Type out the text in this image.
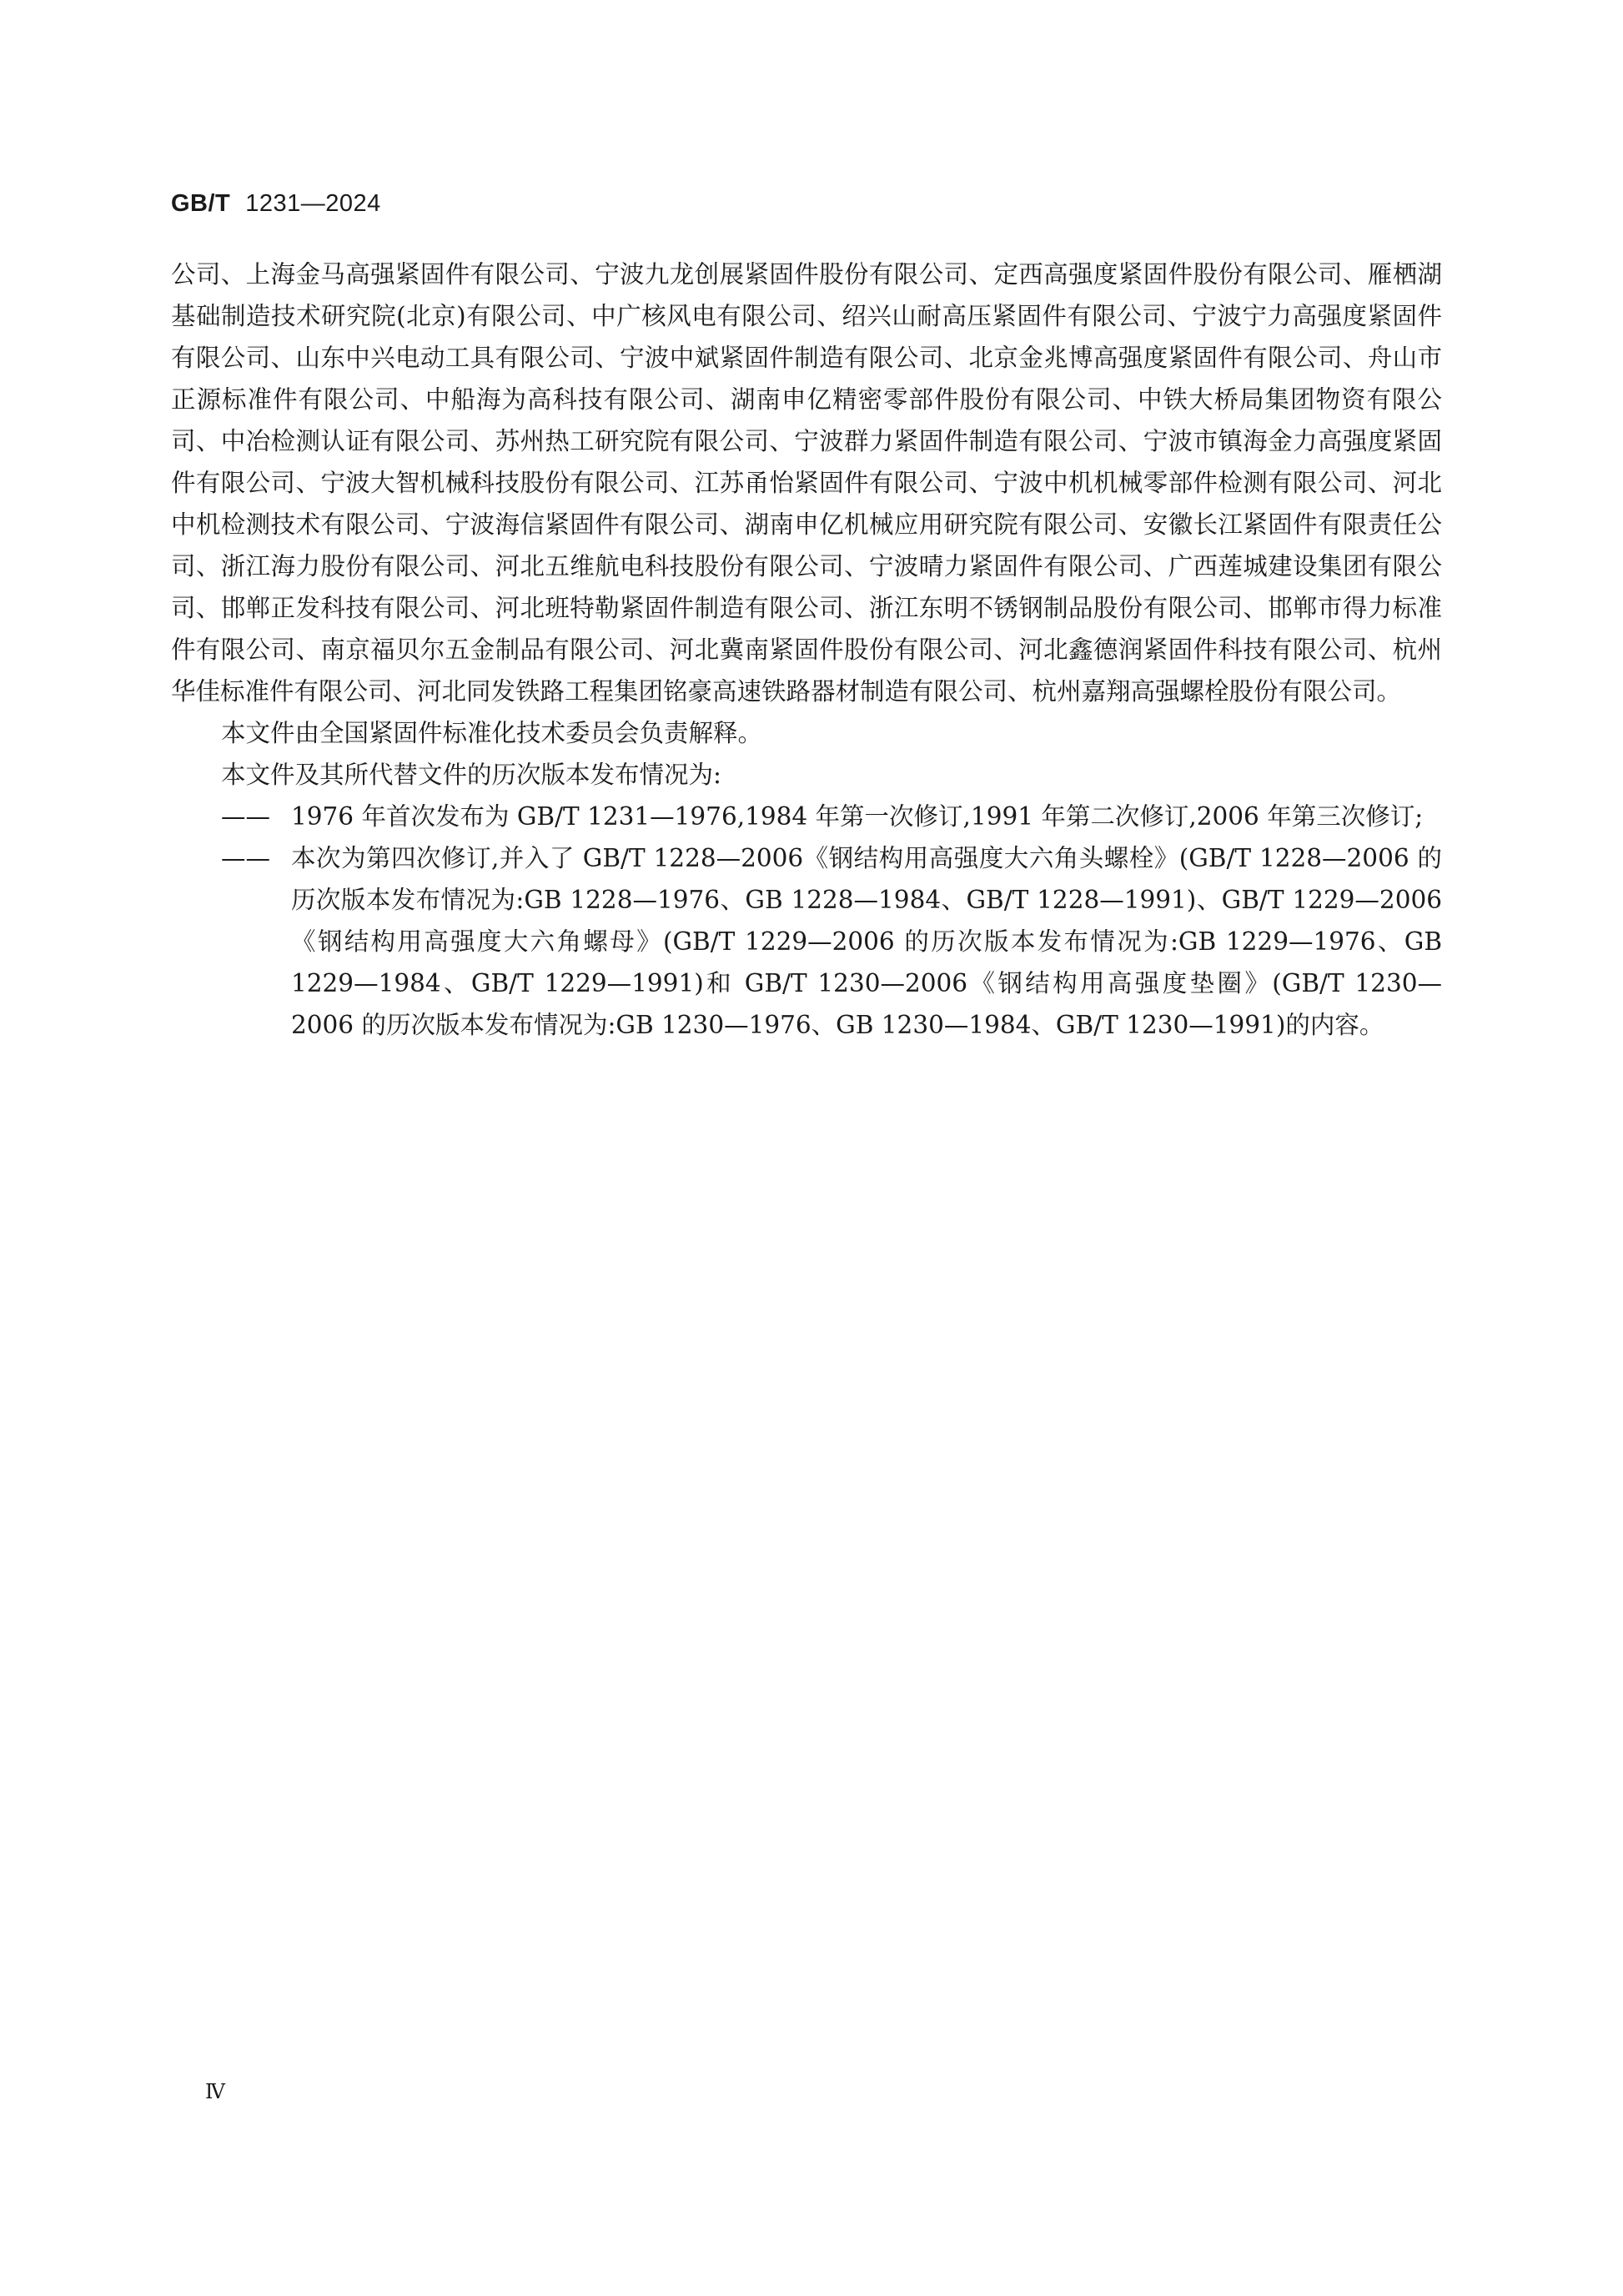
GB/T 1231—2024

公司、上海金马高强紧固件有限公司、宁波九龙创展紧固件股份有限公司、定西高强度紧固件股份有限公司、雁栖湖基础制造技术研究院(北京)有限公司、中广核风电有限公司、绍兴山耐高压紧固件有限公司、宁波宁力高强度紧固件有限公司、山东中兴电动工具有限公司、宁波中斌紧固件制造有限公司、北京金兆博高强度紧固件有限公司、舟山市正源标准件有限公司、中船海为高科技有限公司、湖南申亿精密零部件股份有限公司、中铁大桥局集团物资有限公司、中冶检测认证有限公司、苏州热工研究院有限公司、宁波群力紧固件制造有限公司、宁波市镇海金力高强度紧固件有限公司、宁波大智机械科技股份有限公司、江苏甬怡紧固件有限公司、宁波中机机械零部件检测有限公司、河北中机检测技术有限公司、宁波海信紧固件有限公司、湖南申亿机械应用研究院有限公司、安徽长江紧固件有限责任公司、浙江海力股份有限公司、河北五维航电科技股份有限公司、宁波晴力紧固件有限公司、广西莲城建设集团有限公司、邯郸正发科技有限公司、河北班特勒紧固件制造有限公司、浙江东明不锈钢制品股份有限公司、邯郸市得力标准件有限公司、南京福贝尔五金制品有限公司、河北冀南紧固件股份有限公司、河北鑫德润紧固件科技有限公司、杭州华佳标准件有限公司、河北同发铁路工程集团铭豪高速铁路器材制造有限公司、杭州嘉翔高强螺栓股份有限公司。

本文件由全国紧固件标准化技术委员会负责解释。

本文件及其所代替文件的历次版本发布情况为:

—— 1976 年首次发布为 GB/T 1231—1976,1984 年第一次修订,1991 年第二次修订,2006 年第三次修订;
—— 本次为第四次修订,并入了 GB/T 1228—2006《钢结构用高强度大六角头螺栓》(GB/T 1228—2006 的历次版本发布情况为:GB 1228—1976、GB 1228—1984、GB/T 1228—1991)、GB/T 1229—2006《钢结构用高强度大六角螺母》(GB/T 1229—2006 的历次版本发布情况为:GB 1229—1976、GB 1229—1984、GB/T 1229—1991)和 GB/T 1230—2006《钢结构用高强度垫圈》(GB/T 1230—2006 的历次版本发布情况为:GB 1230—1976、GB 1230—1984、GB/T 1230—1991)的内容。
Ⅳ
